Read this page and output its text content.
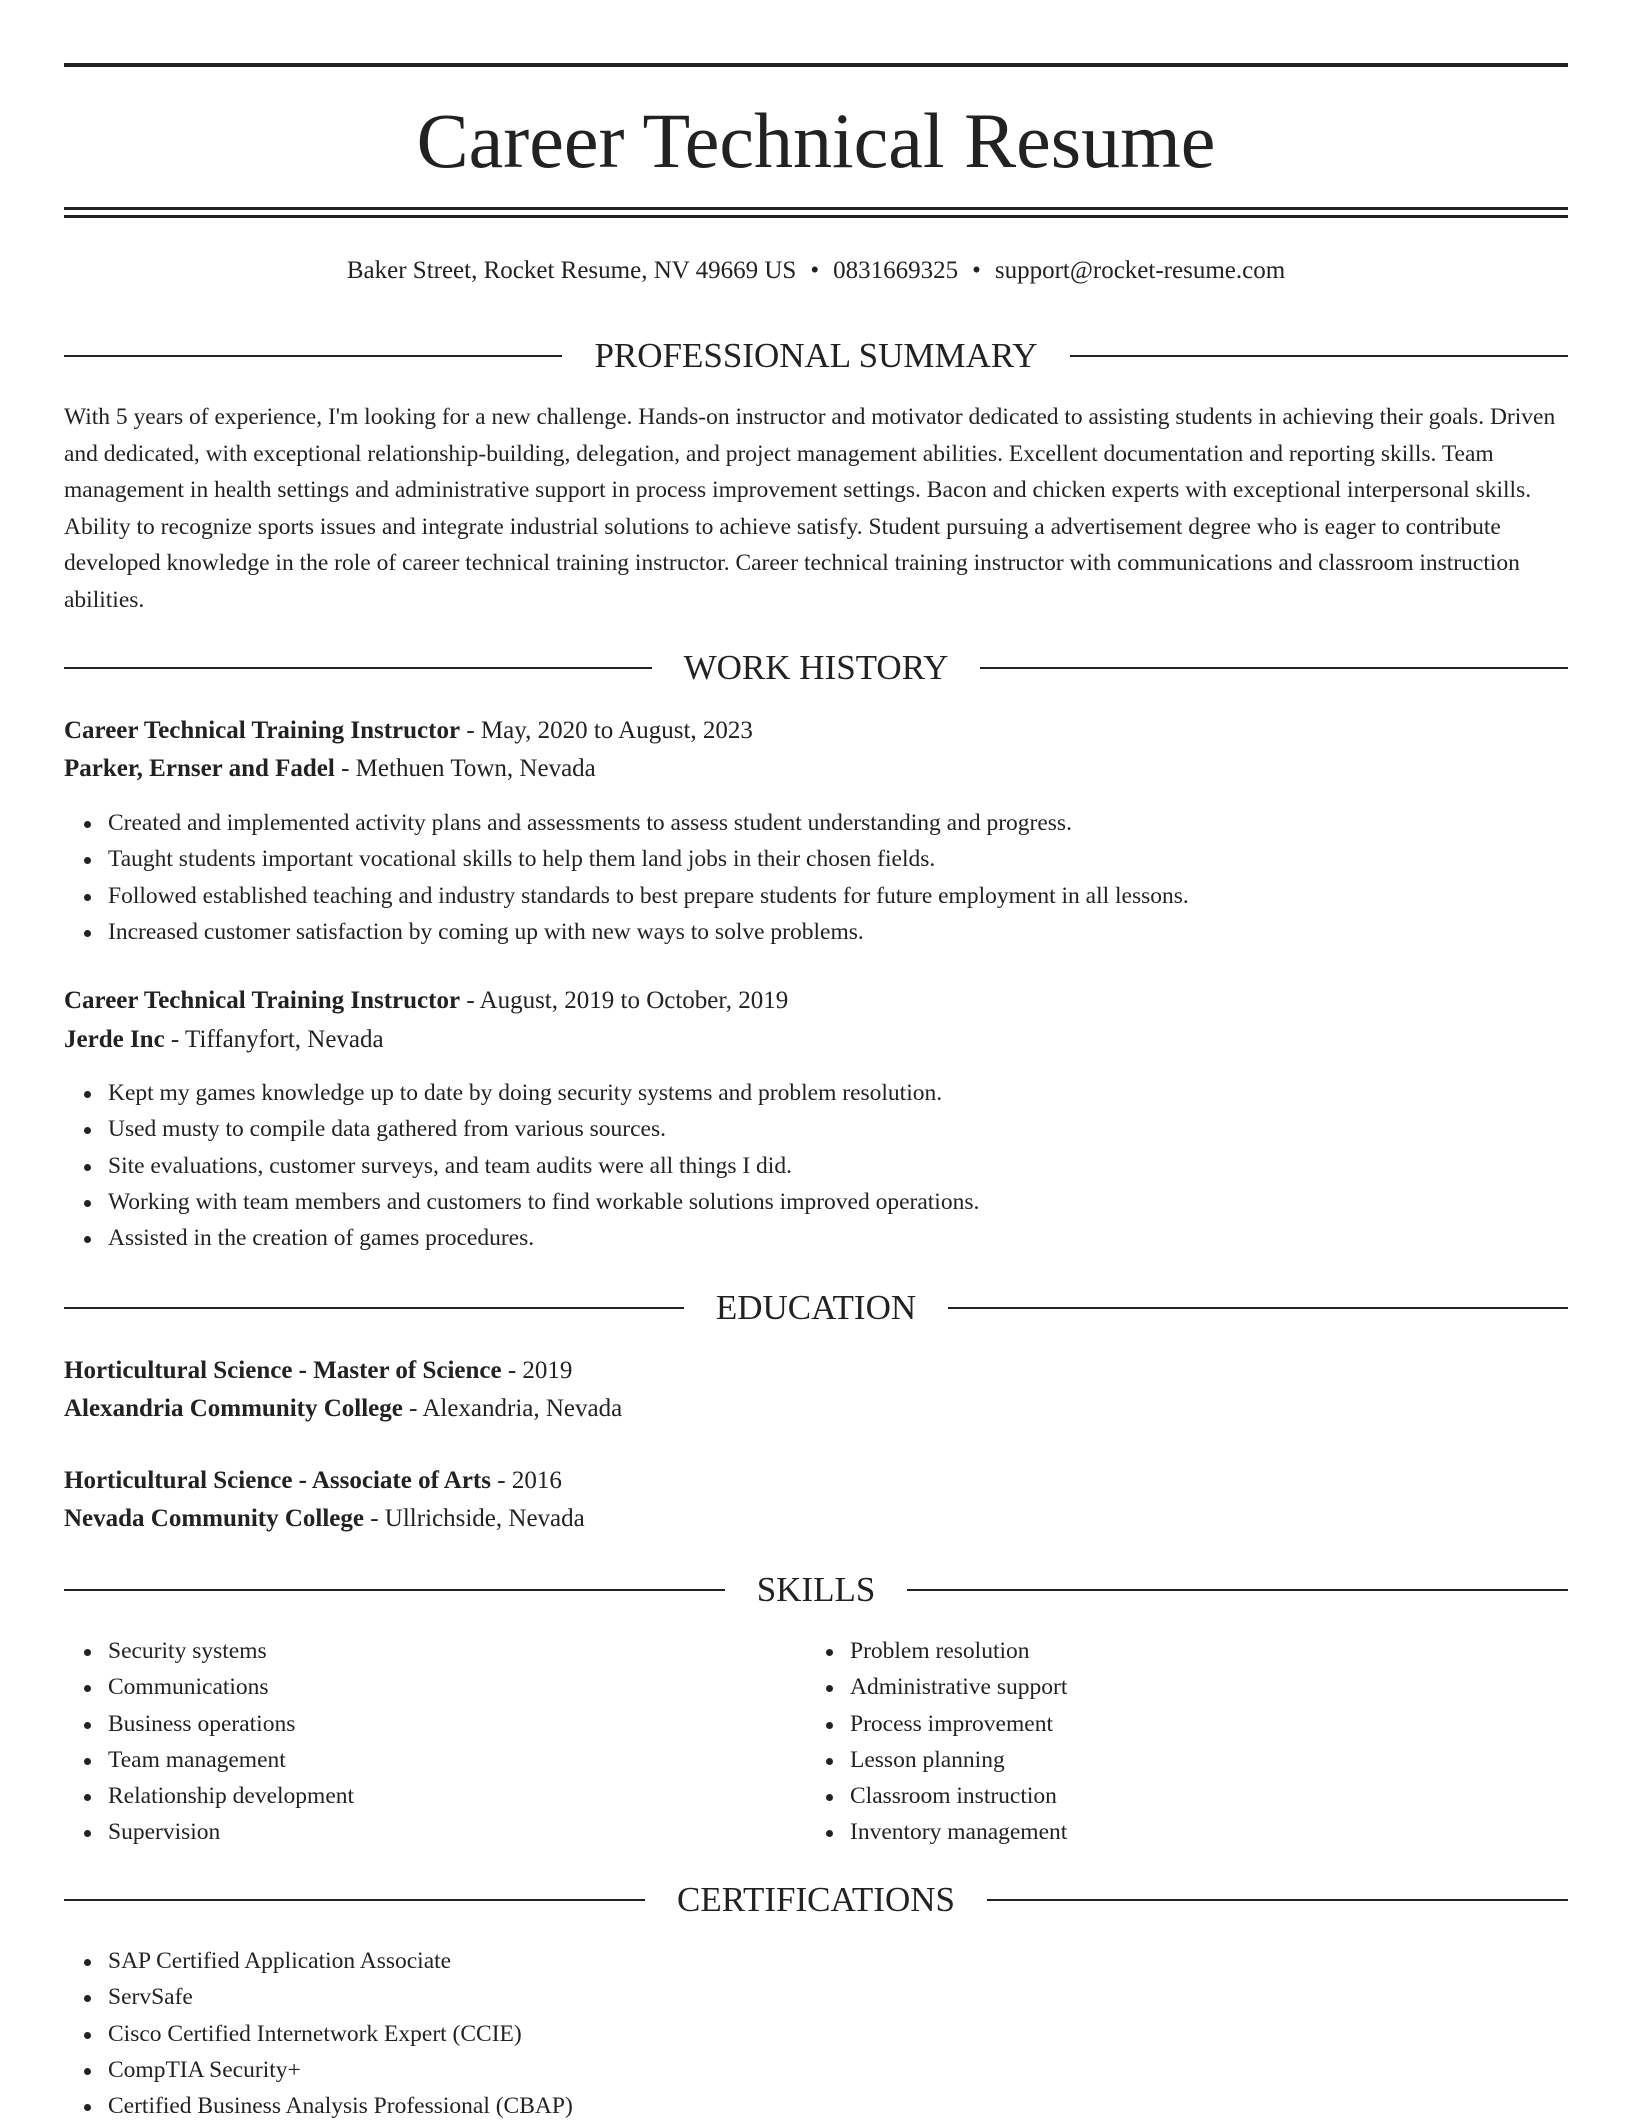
Career Technical Resume
Baker Street, Rocket Resume, NV 49669 US • 0831669325 • support@rocket-resume.com
PROFESSIONAL SUMMARY

With 5 years of experience, I'm looking for a new challenge. Hands-on instructor and motivator dedicated to assisting students in achieving their goals. Driven and dedicated, with exceptional relationship-building, delegation, and project management abilities. Excellent documentation and reporting skills. Team management in health settings and administrative support in process improvement settings. Bacon and chicken experts with exceptional interpersonal skills. Ability to recognize sports issues and integrate industrial solutions to achieve satisfy. Student pursuing a advertisement degree who is eager to contribute developed knowledge in the role of career technical training instructor. Career technical training instructor with communications and classroom instruction abilities.

WORK HISTORY
Career Technical Training Instructor - May, 2020 to August, 2023
Parker, Ernser and Fadel - Methuen Town, Nevada
Created and implemented activity plans and assessments to assess student understanding and progress.
Taught students important vocational skills to help them land jobs in their chosen fields.
Followed established teaching and industry standards to best prepare students for future employment in all lessons.
Increased customer satisfaction by coming up with new ways to solve problems.
Career Technical Training Instructor - August, 2019 to October, 2019
Jerde Inc - Tiffanyfort, Nevada
Kept my games knowledge up to date by doing security systems and problem resolution.
Used musty to compile data gathered from various sources.
Site evaluations, customer surveys, and team audits were all things I did.
Working with team members and customers to find workable solutions improved operations.
Assisted in the creation of games procedures.
EDUCATION
Horticultural Science - Master of Science - 2019
Alexandria Community College - Alexandria, Nevada
Horticultural Science - Associate of Arts - 2016
Nevada Community College - Ullrichside, Nevada
SKILLS
Security systems
Communications
Business operations
Team management
Relationship development
Supervision
Problem resolution
Administrative support
Process improvement
Lesson planning
Classroom instruction
Inventory management
CERTIFICATIONS
SAP Certified Application Associate
ServSafe
Cisco Certified Internetwork Expert (CCIE)
CompTIA Security+
Certified Business Analysis Professional (CBAP)
